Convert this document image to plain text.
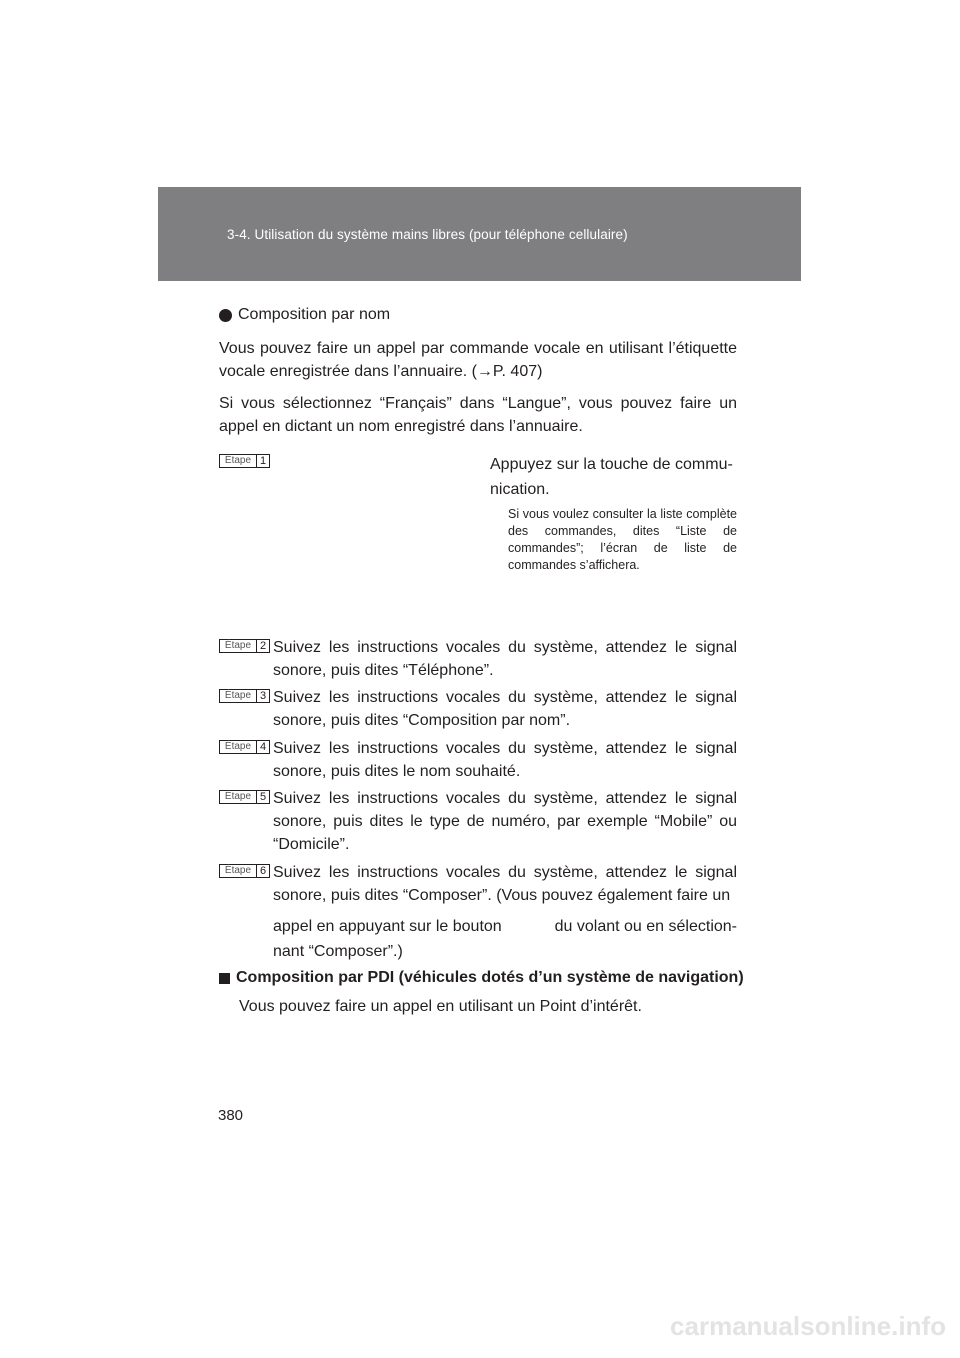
3-4. Utilisation du système mains libres (pour téléphone cellulaire)
Composition par nom
Vous pouvez faire un appel par commande vocale en utilisant l’étiquette vocale enregistrée dans l’annuaire. (→P. 407)
Si vous sélectionnez “Français” dans “Langue”, vous pouvez faire un appel en dictant un nom enregistré dans l’annuaire.
Étape 1	Appuyez sur la touche de commu-nication.
Si vous voulez consulter la liste complète des commandes, dites “Liste de commandes”; l’écran de liste de commandes s’affichera.
Étape 2 Suivez les instructions vocales du système, attendez le signal sonore, puis dites “Téléphone”.
Étape 3 Suivez les instructions vocales du système, attendez le signal sonore, puis dites “Composition par nom”.
Étape 4 Suivez les instructions vocales du système, attendez le signal sonore, puis dites le nom souhaité.
Étape 5 Suivez les instructions vocales du système, attendez le signal sonore, puis dites le type de numéro, par exemple “Mobile” ou “Domicile”.
Étape 6 Suivez les instructions vocales du système, attendez le signal sonore, puis dites “Composer”. (Vous pouvez également faire un
appel en appuyant sur le bouton	du volant ou en sélection-nant “Composer”.)
Composition par PDI (véhicules dotés d’un système de navigation)
Vous pouvez faire un appel en utilisant un Point d’intérêt.
380
carmanualsonline.info
